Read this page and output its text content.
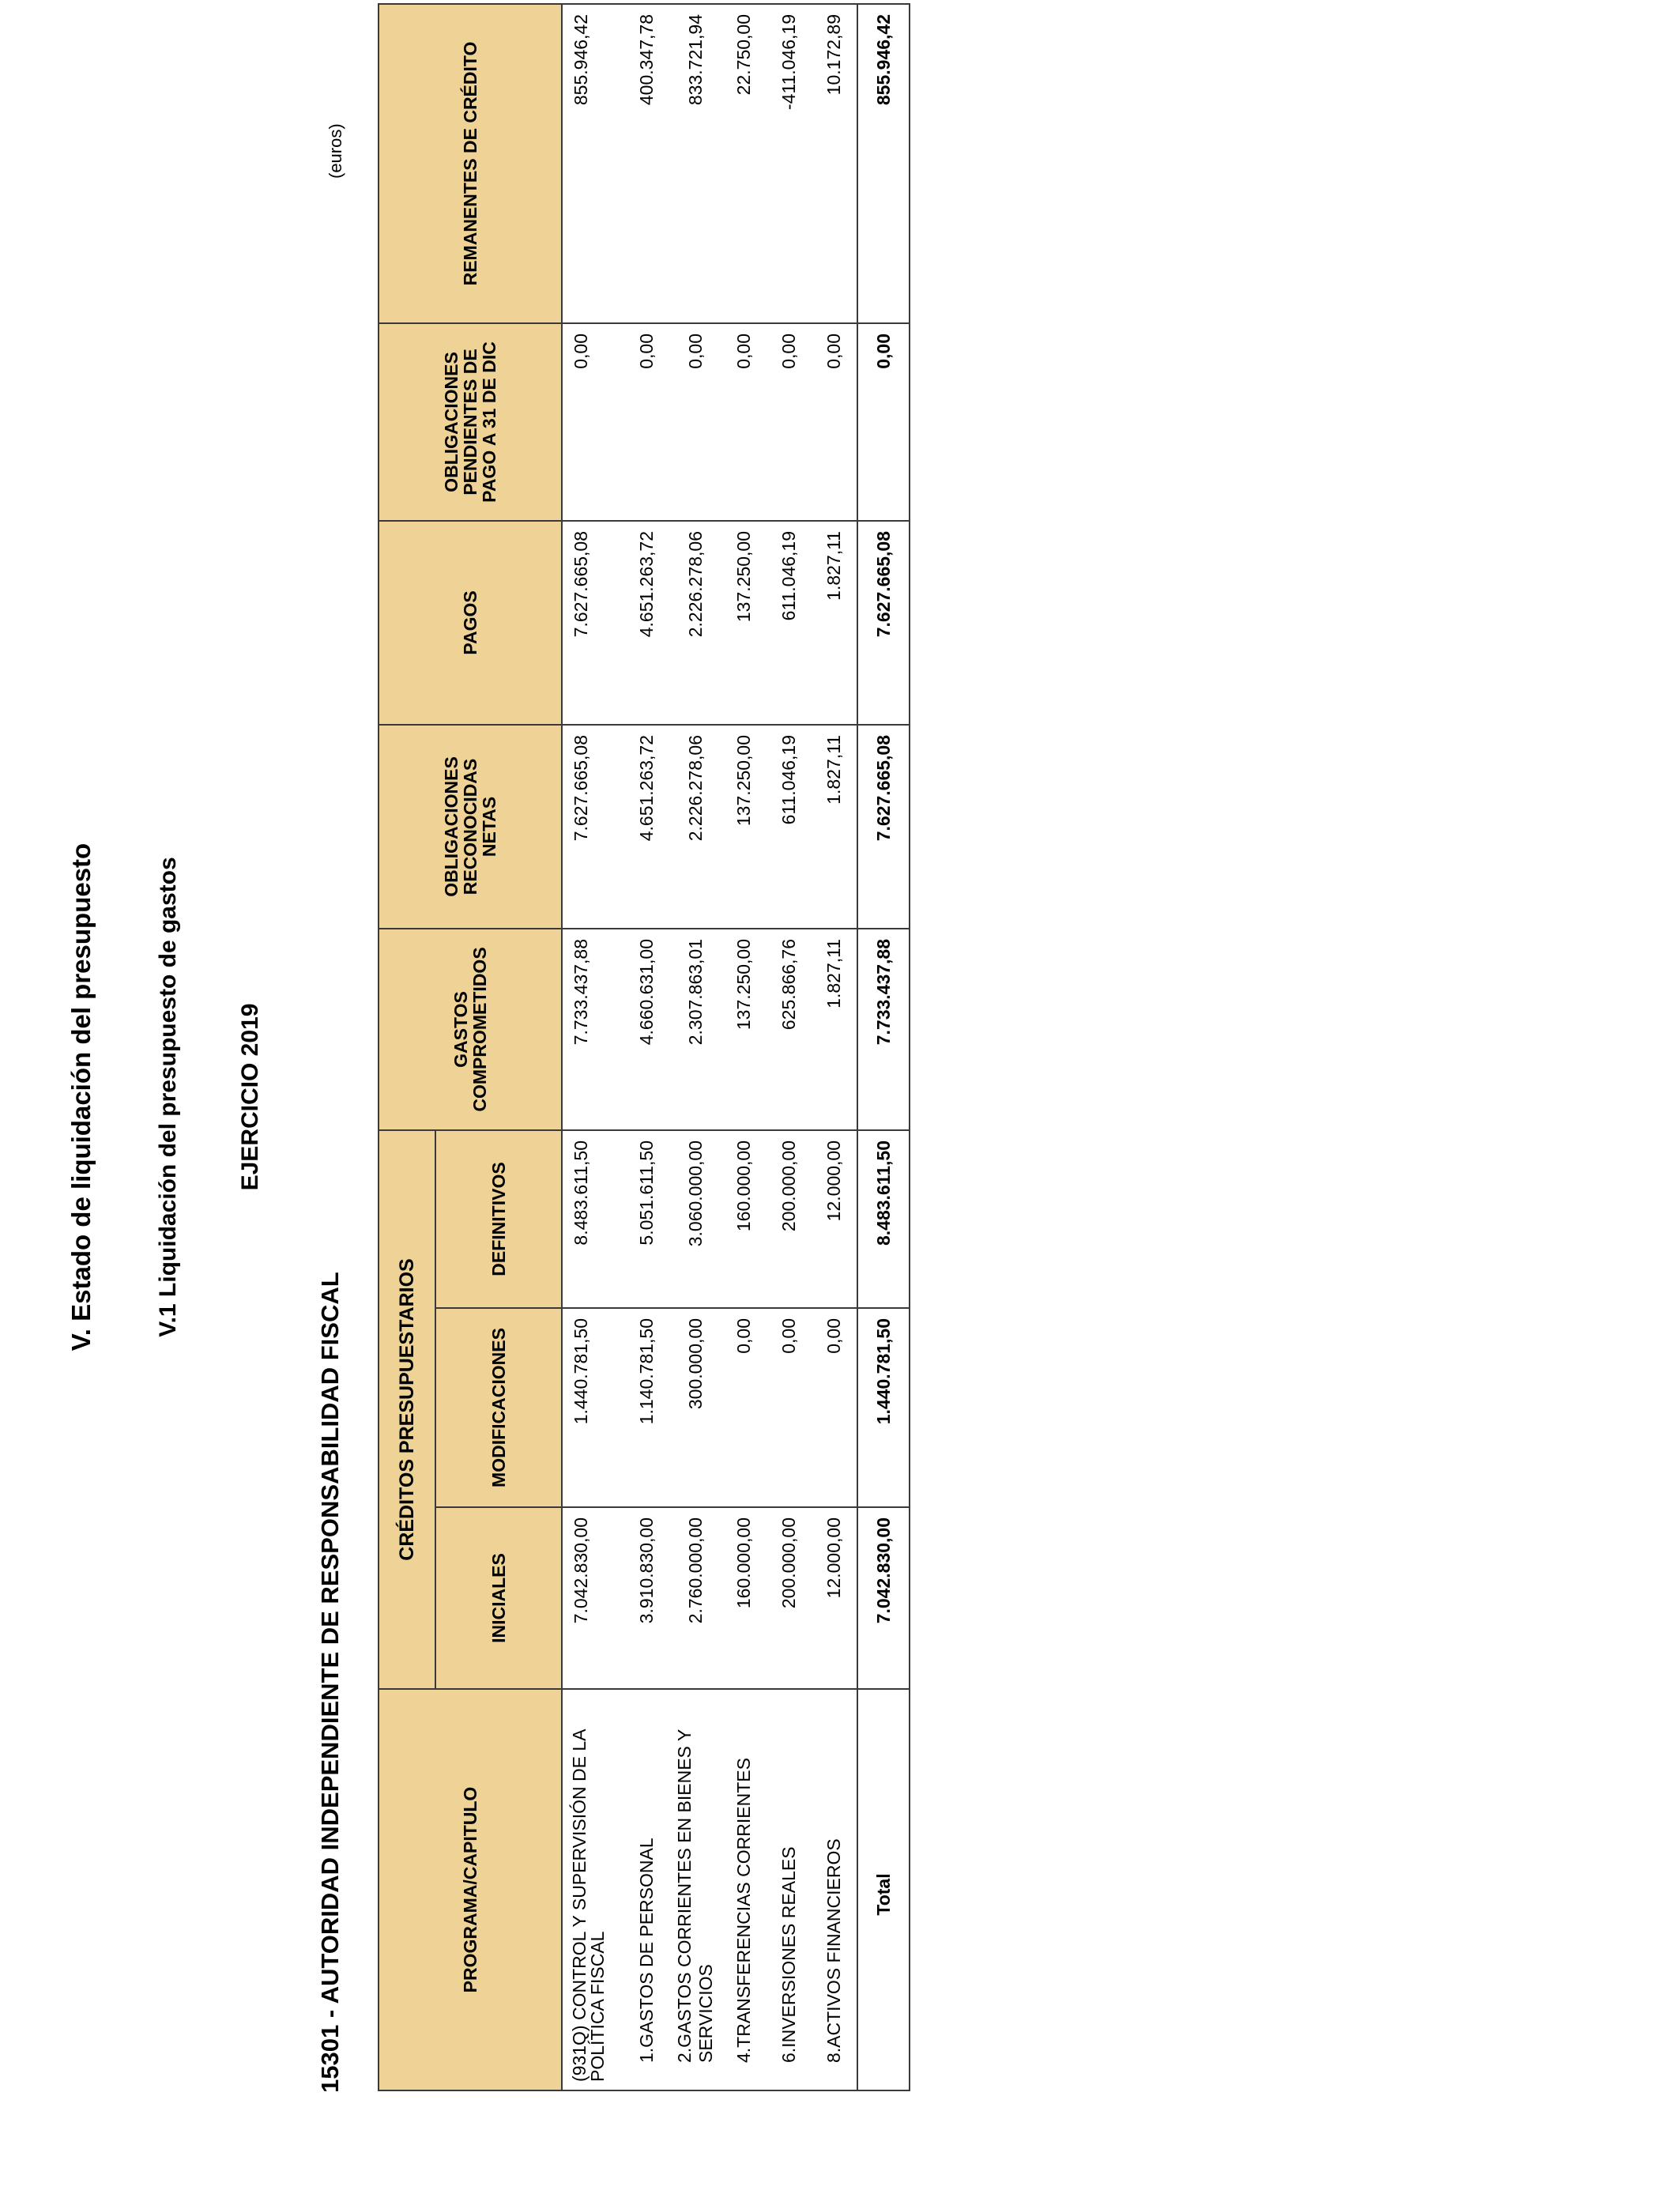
V. Estado de liquidación del presupuesto	V.1 Liquidación del presupuesto de gastos EJERCICIO 2019
15301 - AUTORIDAD INDEPENDIENTE DE RESPONSABILIDAD FISCAL
(euros)
PROGRAMA/CAPITULO	CRÉDITOS PRESUPUESTARIOS			GASTOS COMPROMETIDOS	OBLIGACIONES RECONOCIDAS NETAS	PAGOS	OBLIGACIONES PENDIENTES DE PAGO A 31 DE DIC	REMANENTES DE CRÉDITO
	INICIALES	MODIFICACIONES	DEFINITIVOS					
(931Q) CONTROL Y SUPERVISIÓN DE LA POLÍTICA FISCAL	7.042.830,00	1.440.781,50	8.483.611,50	7.733.437,88	7.627.665,08	7.627.665,08	0,00	855.946,42
1.GASTOS DE PERSONAL	3.910.830,00	1.140.781,50	5.051.611,50	4.660.631,00	4.651.263,72	4.651.263,72	0,00	400.347,78
2.GASTOS CORRIENTES EN BIENES Y SERVICIOS	2.760.000,00	300.000,00	3.060.000,00	2.307.863,01	2.226.278,06	2.226.278,06	0,00	833.721,94
4.TRANSFERENCIAS CORRIENTES	160.000,00	0,00	160.000,00	137.250,00	137.250,00	137.250,00	0,00	22.750,00
6.INVERSIONES REALES	200.000,00	0,00	200.000,00	625.866,76	611.046,19	611.046,19	0,00	-411.046,19
8.ACTIVOS FINANCIEROS	12.000,00	0,00	12.000,00	1.827,11	1.827,11	1.827,11	0,00	10.172,89
Total	7.042.830,00	1.440.781,50	8.483.611,50	7.733.437,88	7.627.665,08	7.627.665,08	0,00	855.946,42
